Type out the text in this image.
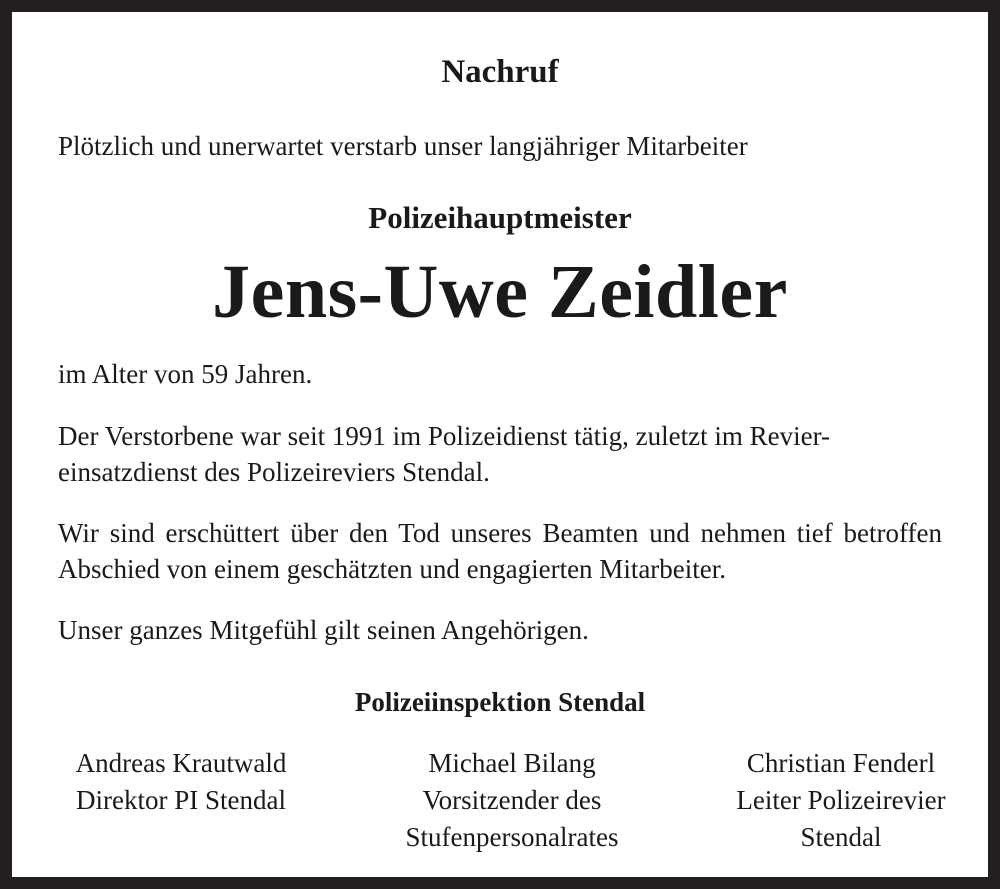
Nachruf
Plötzlich und unerwartet verstarb unser langjähriger Mitarbeiter
Polizeihauptmeister
Jens-Uwe Zeidler
im Alter von 59 Jahren.
Der Verstorbene war seit 1991 im Polizeidienst tätig, zuletzt im Revier-
einsatzdienst des Polizeireviers Stendal.
Wir sind erschüttert über den Tod unseres Beamten und nehmen tief betroffen Abschied von einem geschätzten und engagierten Mitarbeiter.
Unser ganzes Mitgefühl gilt seinen Angehörigen.
Polizeiinspektion Stendal
Andreas Krautwald
Direktor PI Stendal
Michael Bilang
Vorsitzender des
Stufenpersonalrates
Christian Fenderl
Leiter Polizeirevier
Stendal
